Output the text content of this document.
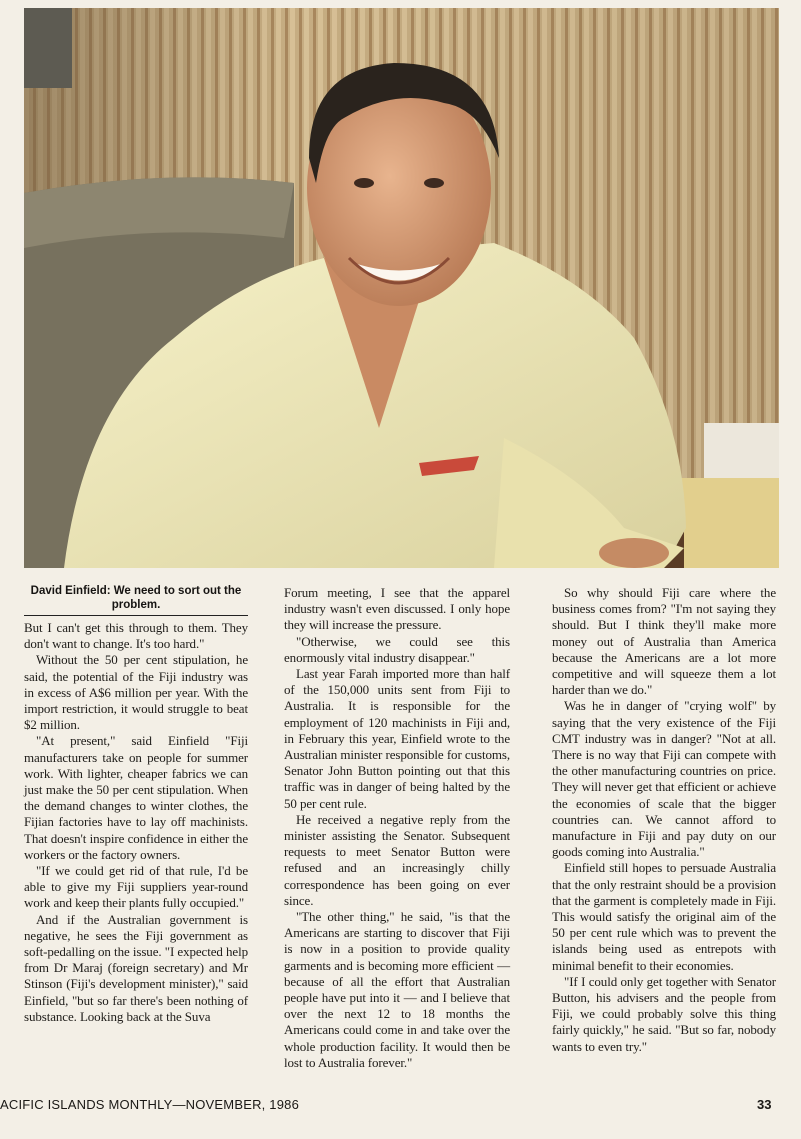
David Einfield: We need to sort out the problem.

But I can't get this through to them. They don't want to change. It's too hard."

Without the 50 per cent stipulation, he said, the potential of the Fiji industry was in excess of A$6 million per year. With the import restriction, it would struggle to beat $2 million.

"At present," said Einfield "Fiji manufacturers take on people for summer work. With lighter, cheaper fabrics we can just make the 50 per cent stipulation. When the demand changes to winter clothes, the Fijian factories have to lay off machinists. That doesn't inspire confidence in either the workers or the factory owners.

"If we could get rid of that rule, I'd be able to give my Fiji suppliers year-round work and keep their plants fully occupied."

And if the Australian government is negative, he sees the Fiji government as soft-pedalling on the issue. "I expected help from Dr Maraj (foreign secretary) and Mr Stinson (Fiji's development minister)," said Einfield, "but so far there's been nothing of substance. Looking back at the Suva

Forum meeting, I see that the apparel industry wasn't even discussed. I only hope they will increase the pressure.

"Otherwise, we could see this enormously vital industry disappear."

Last year Farah imported more than half of the 150,000 units sent from Fiji to Australia. It is responsible for the employment of 120 machinists in Fiji and, in February this year, Einfield wrote to the Australian minister responsible for customs, Senator John Button pointing out that this traffic was in danger of being halted by the 50 per cent rule.

He received a negative reply from the minister assisting the Senator. Subsequent requests to meet Senator Button were refused and an increasingly chilly correspondence has been going on ever since.

"The other thing," he said, "is that the Americans are starting to discover that Fiji is now in a position to provide quality garments and is becoming more efficient — because of all the effort that Australian people have put into it — and I believe that over the next 12 to 18 months the Americans could come in and take over the whole production facility. It would then be lost to Australia forever."

So why should Fiji care where the business comes from? "I'm not saying they should. But I think they'll make more money out of Australia than America because the Americans are a lot more competitive and will squeeze them a lot harder than we do."

Was he in danger of "crying wolf" by saying that the very existence of the Fiji CMT industry was in danger? "Not at all. There is no way that Fiji can compete with the other manufacturing countries on price. They will never get that efficient or achieve the economies of scale that the bigger countries can. We cannot afford to manufacture in Fiji and pay duty on our goods coming into Australia."

Einfield still hopes to persuade Australia that the only restraint should be a provision that the garment is completely made in Fiji. This would satisfy the original aim of the 50 per cent rule which was to prevent the islands being used as entrepots with minimal benefit to their economies.

"If I could only get together with Senator Button, his advisers and the people from Fiji, we could probably solve this thing fairly quickly," he said. "But so far, nobody wants to even try."

ACIFIC ISLANDS MONTHLY—NOVEMBER, 1986	33
